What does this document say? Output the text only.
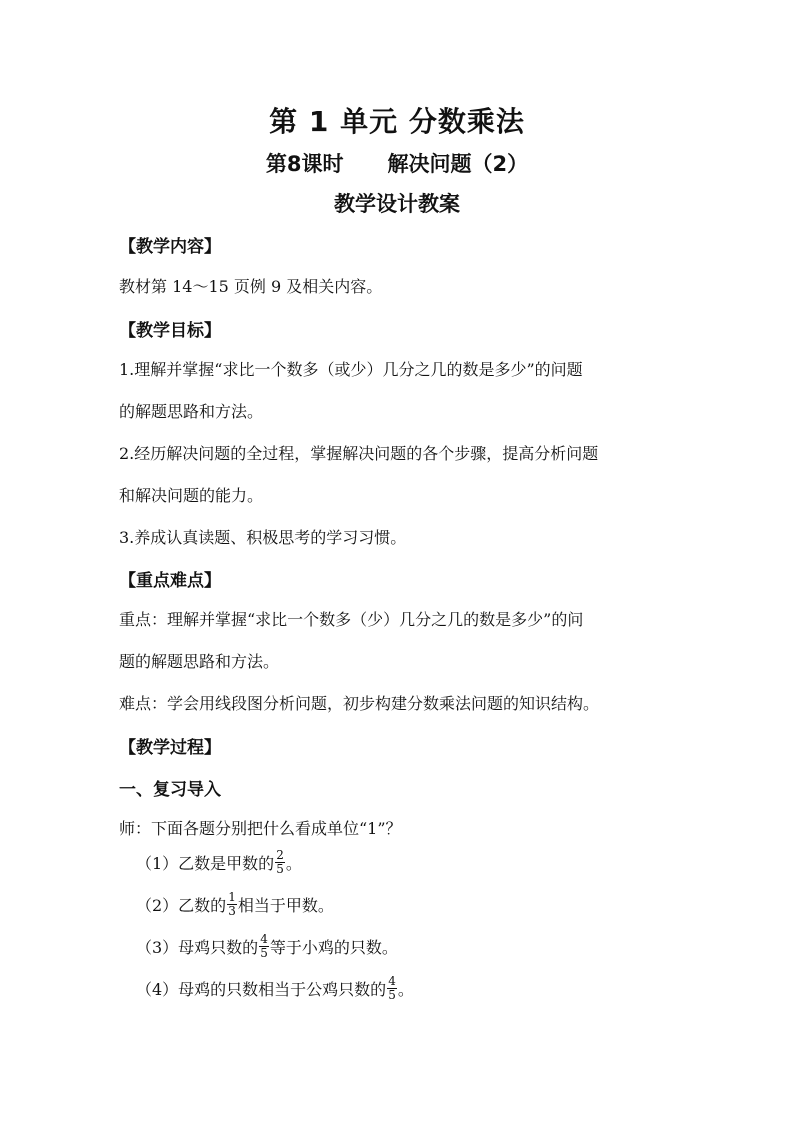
第 1 单元 分数乘法
第8课时 解决问题（2）
教学设计教案
【教学内容】
教材第 14～15 页例 9 及相关内容。
【教学目标】
1.理解并掌握“求比一个数多（或少）几分之几的数是多少”的问题
的解题思路和方法。
2.经历解决问题的全过程，掌握解决问题的各个步骤，提高分析问题
和解决问题的能力。
3.养成认真读题、积极思考的学习习惯。
【重点难点】
重点：理解并掌握“求比一个数多（少）几分之几的数是多少”的问
题的解题思路和方法。
难点：学会用线段图分析问题，初步构建分数乘法问题的知识结构。
【教学过程】
一、复习导入
师：下面各题分别把什么看成单位“1”？
（1）乙数是甲数的 $\frac{2}{5}$ 。
（2）乙数的 $\frac{1}{3}$ 相当于甲数。
（3）母鸡只数的 $\frac{4}{5}$ 等于小鸡的只数。
（4）母鸡的只数相当于公鸡只数的 $\frac{4}{5}$ 。
